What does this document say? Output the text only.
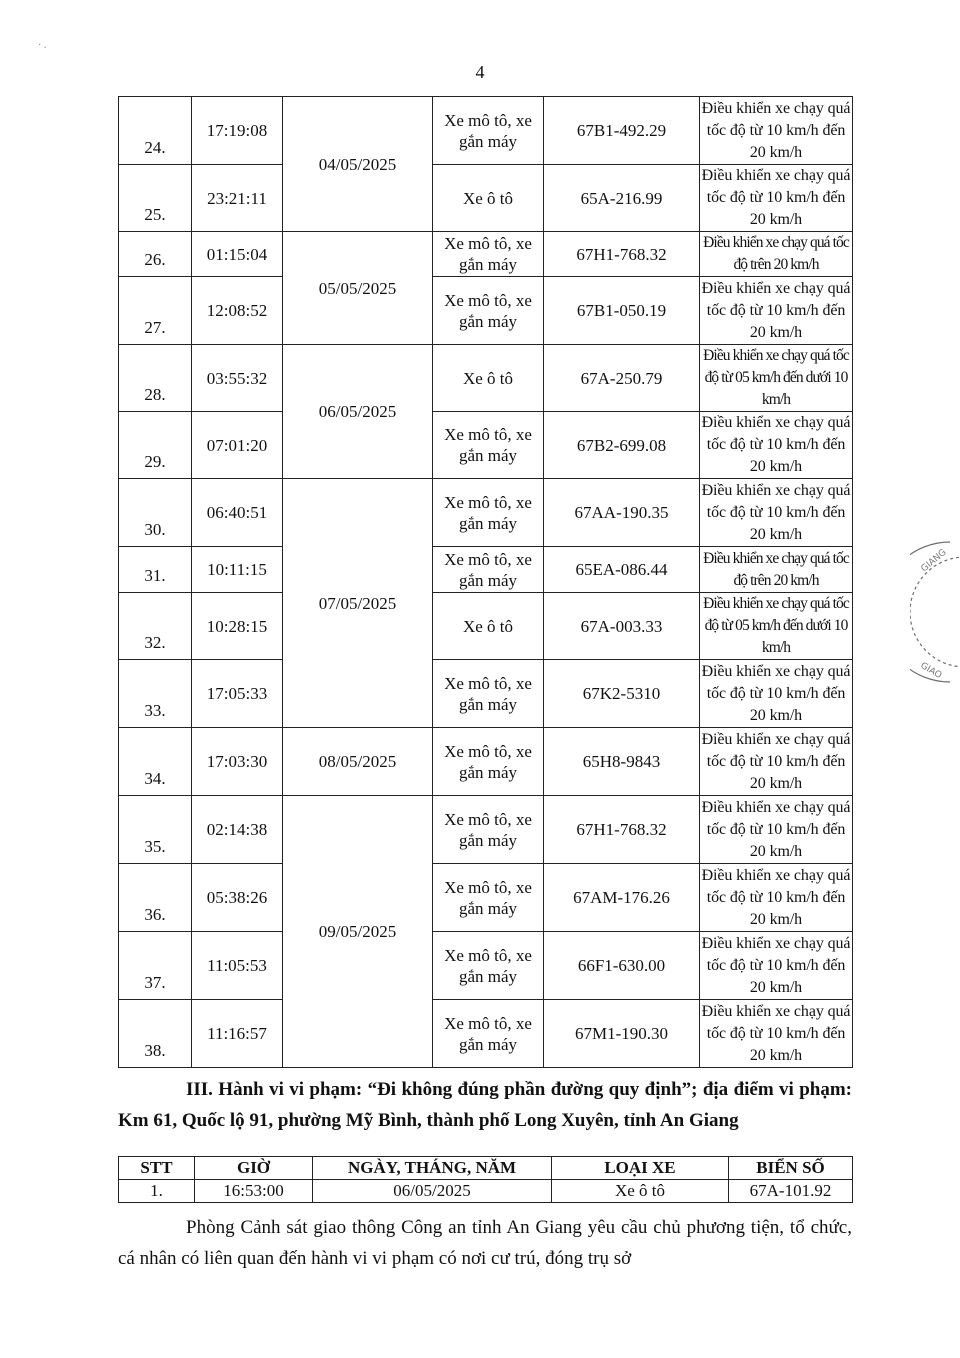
· .
4
24.	17:19:08	04/05/2025	Xe mô tô, xe gắn máy	67B1-492.29	Điều khiển xe chạy quá tốc độ từ 10 km/h đến 20 km/h
25.	23:21:11		Xe ô tô	65A-216.99	Điều khiển xe chạy quá tốc độ từ 10 km/h đến 20 km/h
26.	01:15:04	05/05/2025	Xe mô tô, xe gắn máy	67H1-768.32	Điều khiển xe chạy quá tốc độ trên 20 km/h
27.	12:08:52		Xe mô tô, xe gắn máy	67B1-050.19	Điều khiển xe chạy quá tốc độ từ 10 km/h đến 20 km/h
28.	03:55:32	06/05/2025	Xe ô tô	67A-250.79	Điều khiển xe chạy quá tốc độ từ 05 km/h đến dưới 10 km/h
29.	07:01:20		Xe mô tô, xe gắn máy	67B2-699.08	Điều khiển xe chạy quá tốc độ từ 10 km/h đến 20 km/h
30.	06:40:51	07/05/2025	Xe mô tô, xe gắn máy	67AA-190.35	Điều khiển xe chạy quá tốc độ từ 10 km/h đến 20 km/h
31.	10:11:15		Xe mô tô, xe gắn máy	65EA-086.44	Điều khiển xe chạy quá tốc độ trên 20 km/h
32.	10:28:15		Xe ô tô	67A-003.33	Điều khiển xe chạy quá tốc độ từ 05 km/h đến dưới 10 km/h
33.	17:05:33		Xe mô tô, xe gắn máy	67K2-5310	Điều khiển xe chạy quá tốc độ từ 10 km/h đến 20 km/h
34.	17:03:30	08/05/2025	Xe mô tô, xe gắn máy	65H8-9843	Điều khiển xe chạy quá tốc độ từ 10 km/h đến 20 km/h
35.	02:14:38	09/05/2025	Xe mô tô, xe gắn máy	67H1-768.32	Điều khiển xe chạy quá tốc độ từ 10 km/h đến 20 km/h
36.	05:38:26		Xe mô tô, xe gắn máy	67AM-176.26	Điều khiển xe chạy quá tốc độ từ 10 km/h đến 20 km/h
37.	11:05:53		Xe mô tô, xe gắn máy	66F1-630.00	Điều khiển xe chạy quá tốc độ từ 10 km/h đến 20 km/h
38.	11:16:57		Xe mô tô, xe gắn máy	67M1-190.30	Điều khiển xe chạy quá tốc độ từ 10 km/h đến 20 km/h
III. Hành vi vi phạm: “Đi không đúng phần đường quy định”; địa điểm vi phạm: Km 61, Quốc lộ 91, phường Mỹ Bình, thành phố Long Xuyên, tỉnh An Giang
STT	GIỜ	NGÀY, THÁNG, NĂM	LOẠI XE	BIỂN SỐ
1.	16:53:00	06/05/2025	Xe ô tô	67A-101.92
Phòng Cảnh sát giao thông Công an tỉnh An Giang yêu cầu chủ phương tiện, tổ chức, cá nhân có liên quan đến hành vi vi phạm có nơi cư trú, đóng trụ sở
GIANG
GIAO
